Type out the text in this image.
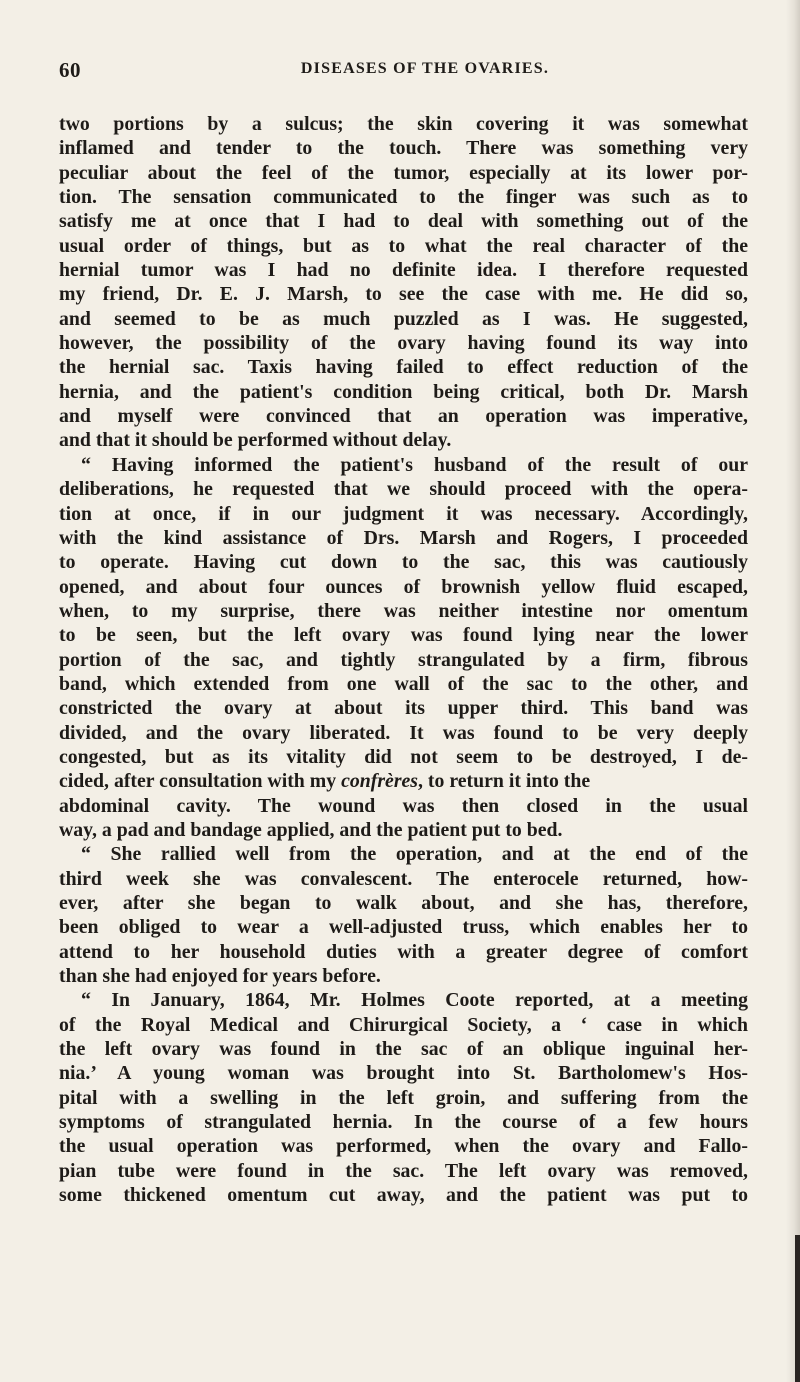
60	DISEASES OF THE OVARIES.
two portions by a sulcus; the skin covering it was somewhat
inflamed and tender to the touch. There was something very
peculiar about the feel of the tumor, especially at its lower por-
tion. The sensation communicated to the finger was such as to
satisfy me at once that I had to deal with something out of the
usual order of things, but as to what the real character of the
hernial tumor was I had no definite idea. I therefore requested
my friend, Dr. E. J. Marsh, to see the case with me. He did so,
and seemed to be as much puzzled as I was. He suggested,
however, the possibility of the ovary having found its way into
the hernial sac. Taxis having failed to effect reduction of the
hernia, and the patient's condition being critical, both Dr. Marsh
and myself were convinced that an operation was imperative,
and that it should be performed without delay.
“ Having informed the patient's husband of the result of our
deliberations, he requested that we should proceed with the opera-
tion at once, if in our judgment it was necessary. Accordingly,
with the kind assistance of Drs. Marsh and Rogers, I proceeded
to operate. Having cut down to the sac, this was cautiously
opened, and about four ounces of brownish yellow fluid escaped,
when, to my surprise, there was neither intestine nor omentum
to be seen, but the left ovary was found lying near the lower
portion of the sac, and tightly strangulated by a firm, fibrous
band, which extended from one wall of the sac to the other, and
constricted the ovary at about its upper third. This band was
divided, and the ovary liberated. It was found to be very deeply
congested, but as its vitality did not seem to be destroyed, I de-
cided, after consultation with my confrères, to return it into the
abdominal cavity. The wound was then closed in the usual
way, a pad and bandage applied, and the patient put to bed.
“ She rallied well from the operation, and at the end of the
third week she was convalescent. The enterocele returned, how-
ever, after she began to walk about, and she has, therefore,
been obliged to wear a well-adjusted truss, which enables her to
attend to her household duties with a greater degree of comfort
than she had enjoyed for years before.
“ In January, 1864, Mr. Holmes Coote reported, at a meeting
of the Royal Medical and Chirurgical Society, a ‘ case in which
the left ovary was found in the sac of an oblique inguinal her-
nia.’ A young woman was brought into St. Bartholomew's Hos-
pital with a swelling in the left groin, and suffering from the
symptoms of strangulated hernia. In the course of a few hours
the usual operation was performed, when the ovary and Fallo-
pian tube were found in the sac. The left ovary was removed,
some thickened omentum cut away, and the patient was put to
